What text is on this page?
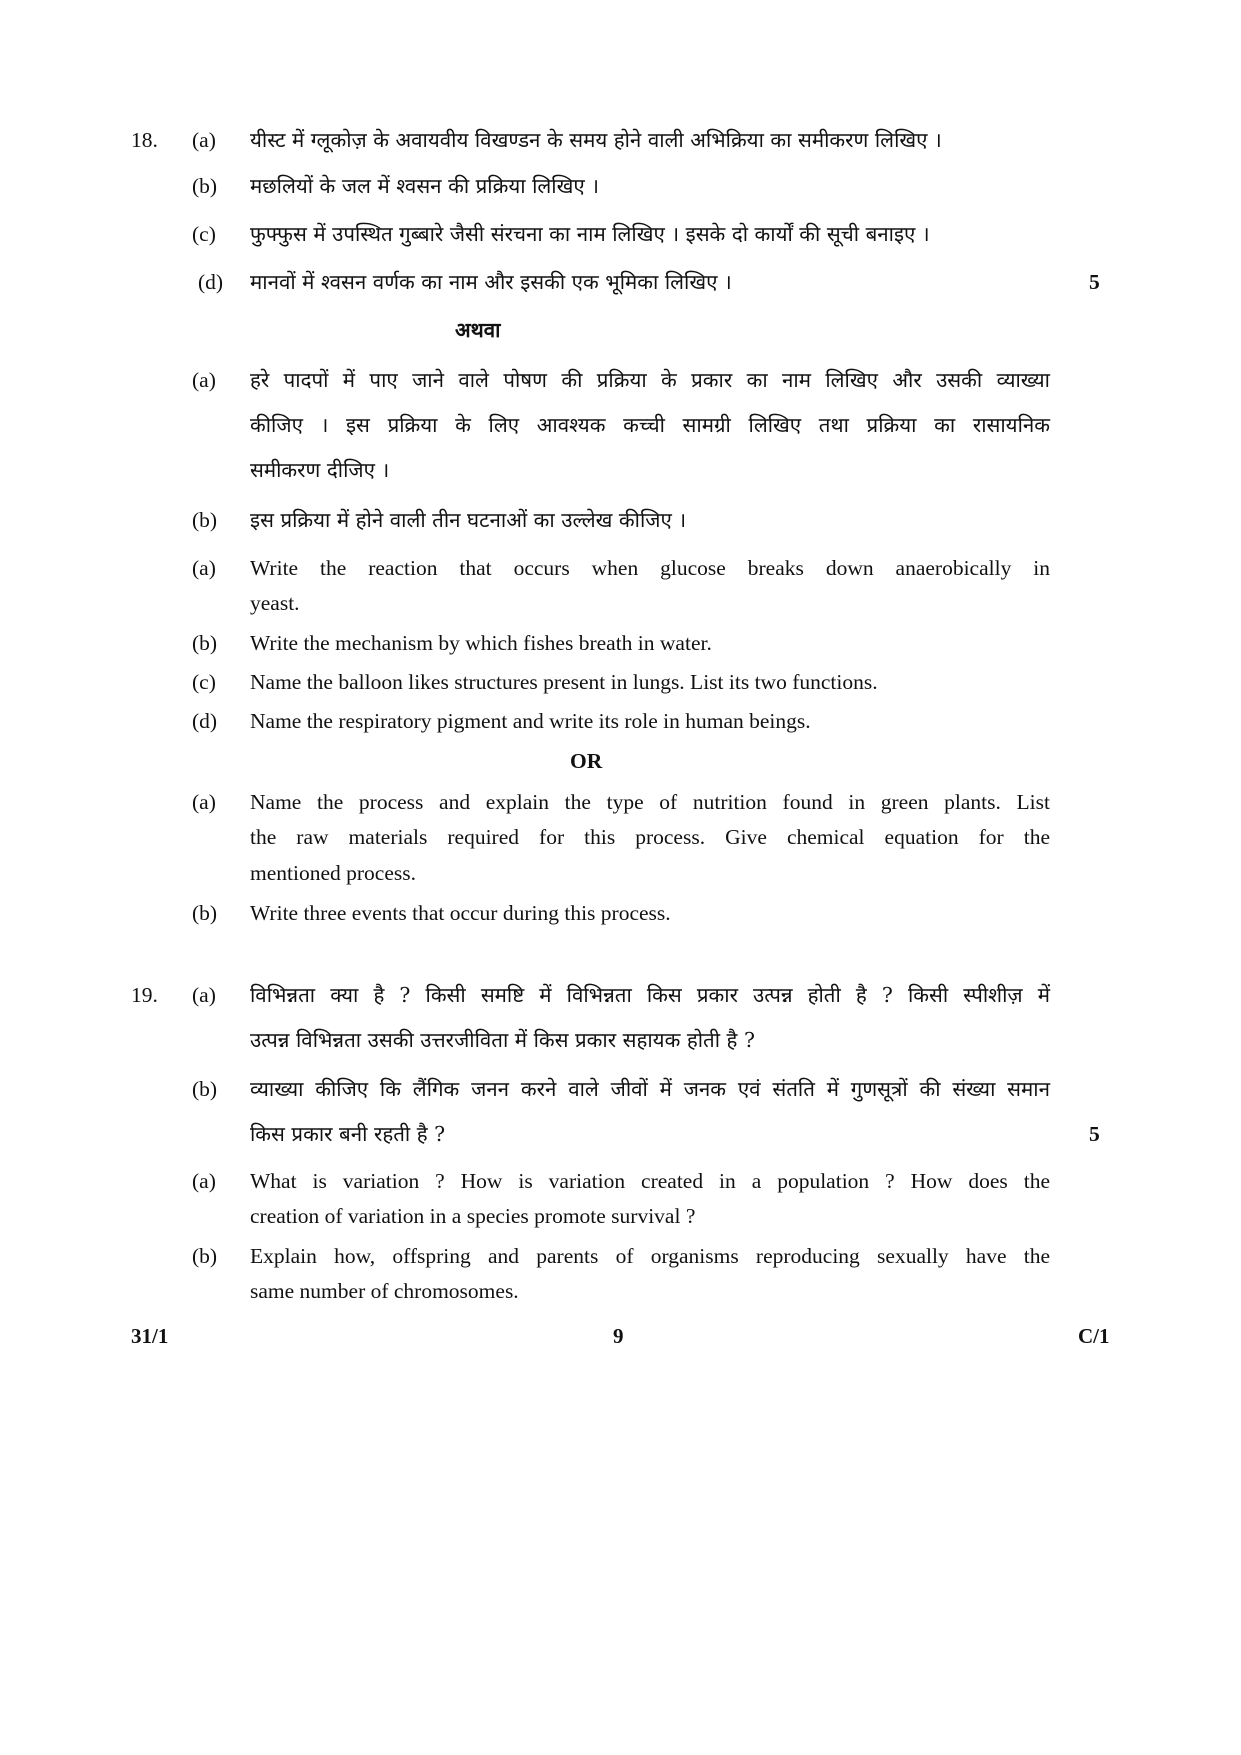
18. (a) यीस्ट में ग्लूकोज़ के अवायवीय विखण्डन के समय होने वाली अभिक्रिया का समीकरण लिखिए ।
(b) मछलियों के जल में श्वसन की प्रक्रिया लिखिए ।
(c) फुफ्फुस में उपस्थित गुब्बारे जैसी संरचना का नाम लिखिए । इसके दो कार्यों की सूची बनाइए ।
(d) मानवों में श्वसन वर्णक का नाम और इसकी एक भूमिका लिखिए ।	5
अथवा
(a) हरे पादपों में पाए जाने वाले पोषण की प्रक्रिया के प्रकार का नाम लिखिए और उसकी व्याख्या
कीजिए । इस प्रक्रिया के लिए आवश्यक कच्ची सामग्री लिखिए तथा प्रक्रिया का रासायनिक
समीकरण दीजिए ।
(b) इस प्रक्रिया में होने वाली तीन घटनाओं का उल्लेख कीजिए ।
(a) Write the reaction that occurs when glucose breaks down anaerobically in
yeast.
(b) Write the mechanism by which fishes breath in water.
(c) Name the balloon likes structures present in lungs. List its two functions.
(d) Name the respiratory pigment and write its role in human beings.
OR
(a) Name the process and explain the type of nutrition found in green plants. List
the raw materials required for this process. Give chemical equation for the
mentioned process.
(b) Write three events that occur during this process.
19. (a) विभिन्नता क्या है ? किसी समष्टि में विभिन्नता किस प्रकार उत्पन्न होती है ? किसी स्पीशीज़ में
उत्पन्न विभिन्नता उसकी उत्तरजीविता में किस प्रकार सहायक होती है ?
(b) व्याख्या कीजिए कि लैंगिक जनन करने वाले जीवों में जनक एवं संतति में गुणसूत्रों की संख्या समान
किस प्रकार बनी रहती है ?	5
(a) What is variation ? How is variation created in a population ? How does the
creation of variation in a species promote survival ?
(b) Explain how, offspring and parents of organisms reproducing sexually have the
same number of chromosomes.
31/1	9	C/1
